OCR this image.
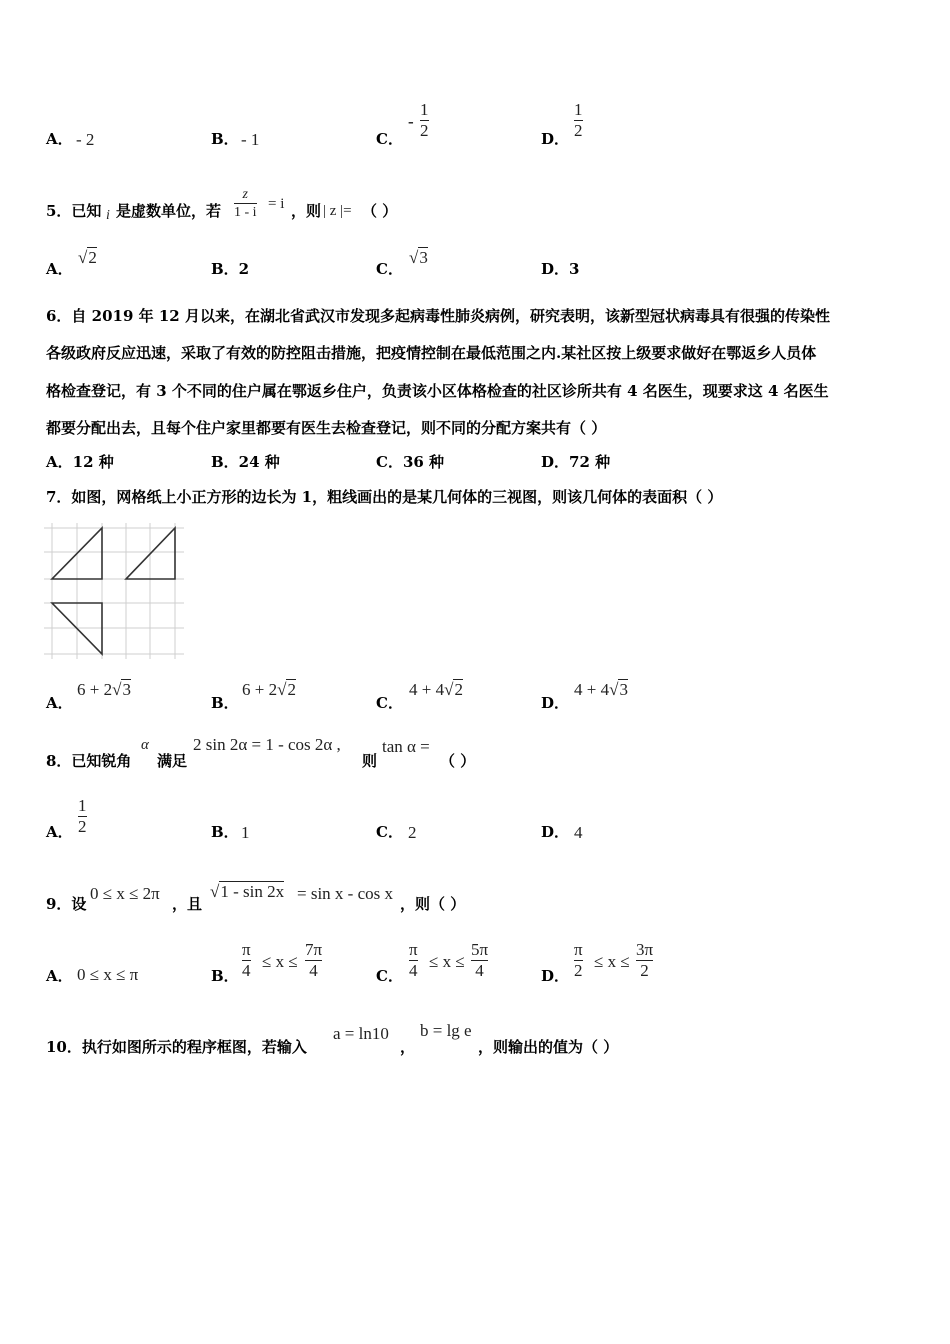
A． - 2	B． - 1	C．
-
1
2	D．
1
2
5．已知 i 是虚数单位，若
z
1 - i
= i ，则 | z |= （ ）
A．
√2
B．2	C．
√3
D．3
6．自 2019 年 12 月以来，在湖北省武汉市发现多起病毒性肺炎病例，研究表明，该新型冠状病毒具有很强的传染性
各级政府反应迅速，采取了有效的防控阻击措施，把疫情控制在最低范围之内.某社区按上级要求做好在鄂返乡人员体
格检查登记，有 3 个不同的住户属在鄂返乡住户，负责该小区体格检查的社区诊所共有 4 名医生，现要求这 4 名医生
都要分配出去，且每个住户家里都要有医生去检查登记，则不同的分配方案共有（ ）
A．12 种	B．24 种	C．36 种	D．72 种
7．如图，网格纸上小正方形的边长为 1，粗线画出的是某几何体的三视图，则该几何体的表面积（ ）
A．
6 + 2√3
B．
6 + 2√2
C．
4 + 4√2
D．
4 + 4√3
8．已知锐角
α
满足
2 sin 2α = 1 - cos 2α ,
则
tan α =
（ ）
A．
1
2	B． 1	C． 2	D． 4
9．设
0 ≤ x ≤ 2π
，且
√1 - sin 2x = sin x - cos x
，则（ ）
A． 0 ≤ x ≤ π	B．
π
4 ≤ x ≤
7π
4	C．
π
4 ≤ x ≤
5π
4	D．
π
2 ≤ x ≤
3π
2
10．执行如图所示的程序框图，若输入
a = ln10
，
b = lg e
，则输出的值为（ ）
